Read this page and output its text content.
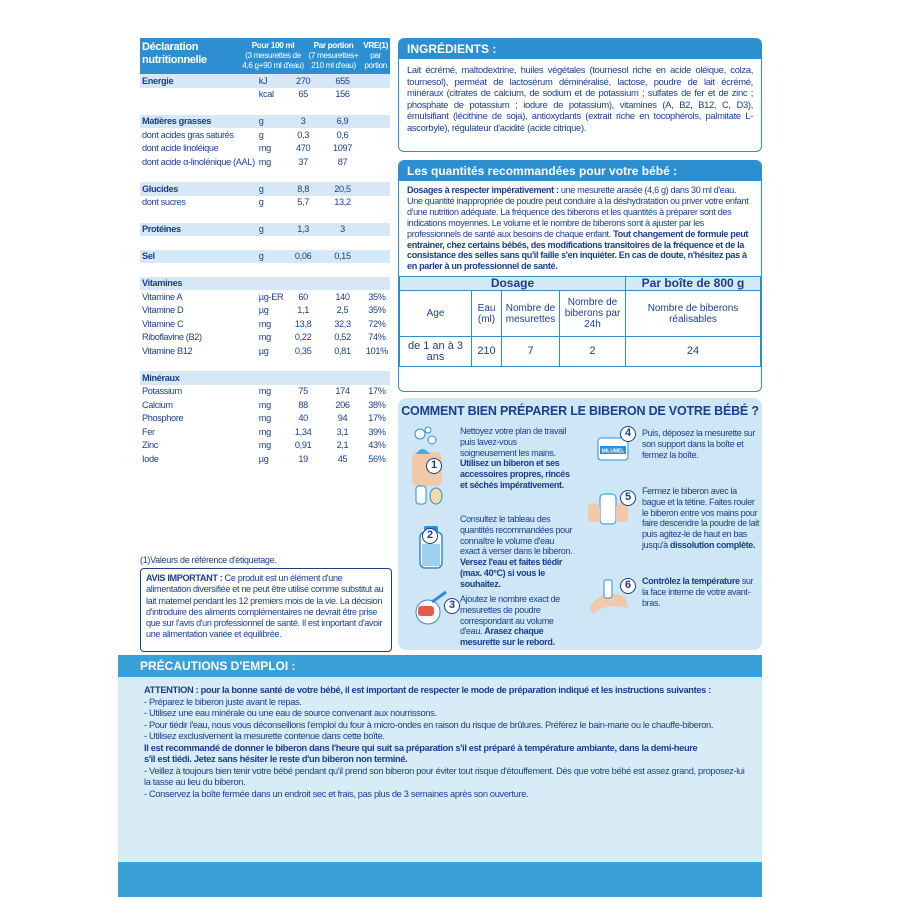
Déclaration
nutritionnelle	Pour 100 ml
(3 mesurettes de
4,6 g+90 ml d'eau)	Par portion
(7 mesurettes+
210 ml d'eau)	VRE(1)
par
portion
Energie	kJ	270	655	
	kcal	65	156	

Matières grasses	g	3	6,9	
dont acides gras saturés	g	0,3	0,6	
dont acide linoléique	mg	470	1097	
dont acide α-linolénique (AAL)	mg	37	87	

Glucides	g	8,8	20,5	
dont sucres	g	5,7	13,2	

Protéines	g	1,3	3	

Sel	g	0,06	0,15	

Vitamines				
Vitamine A	µg-ER	60	140	35%
Vitamine D	µg	1,1	2,5	35%
Vitamine C	mg	13,8	32,3	72%
Riboflavine (B2)	mg	0,22	0,52	74%
Vitamine B12	µg	0,35	0,81	101%

Minéraux				
Potassium	mg	75	174	17%
Calcium	mg	88	206	38%
Phosphore	mg	40	94	17%
Fer	mg	1,34	3,1	39%
Zinc	mg	0,91	2,1	43%
Iode	µg	19	45	56%
(1)Valeurs de référence d'étiquetage.
AVIS IMPORTANT : Ce produit est un élément d'une alimentation diversifiée et ne peut être utilisé comme substitut au lait maternel pendant les 12 premiers mois de la vie. La décision d'introduire des aliments complémentaires ne devrait être prise que sur l'avis d'un professionnel de santé. Il est important d'avoir une alimentation variée et équilibrée.
INGRÉDIENTS :
Lait écrémé, maltodextrine, huiles végétales (tournesol riche en acide oléique, colza, tournesol), perméat de lactosérum déminéralisé, lactose, poudre de lait écrémé, minéraux (citrates de calcium, de sodium et de potassium ; sulfates de fer et de zinc ; phosphate de potassium ; iodure de potassium), vitamines (A, B2, B12, C, D3), émulsifiant (lécithine de soja), antioxydants (extrait riche en tocophérols, palmitate L-ascorbyle), régulateur d'acidité (acide citrique).
Les quantités recommandées pour votre bébé :
Dosages à respecter impérativement : une mesurette arasée (4,6 g) dans 30 ml d'eau. Une quantité inappropriée de poudre peut conduire à la déshydratation ou priver votre enfant d'une nutrition adéquate. La fréquence des biberons et les quantités à préparer sont des indications moyennes. Le volume et le nombre de biberons sont à ajuster par les professionnels de santé aux besoins de chaque enfant. Tout changement de formule peut entrainer, chez certains bébés, des modifications transitoires de la fréquence et de la consistance des selles sans qu'il faille s'en inquiéter. En cas de doute, n'hésitez pas à en parler à un professionnel de santé.
Dosage				Par boîte de 800 g
Age	Eau (ml)	Nombre de mesurettes	Nombre de biberons par 24h	Nombre de biberons réalisables
de 1 an à 3 ans	210	7	2	24
COMMENT BIEN PRÉPARER LE BIBERON DE VOTRE BÉBÉ ?
1
Nettoyez votre plan de travail puis lavez-vous soigneusement les mains. Utilisez un biberon et ses accessoires propres, rincés et séchés impérativement.
2
Consultez le tableau des quantités recommandées pour connaître le volume d'eau exact à verser dans le biberon. Versez l'eau et faites tiédir (max. 40°C) si vous le souhaitez.
3 Ajoutez le nombre exact de mesurettes de poudre correspondant au volume d'eau. Arasez chaque mesurette sur le rebord.
MILUMEL
4	Puis, déposez la mesurette sur son support dans la boîte et fermez la boîte.
5	Fermez le biberon avec la bague et la tétine. Faites rouler le biberon entre vos mains pour faire descendre la poudre de lait puis agitez-le de haut en bas jusqu'à dissolution complète.
6	Contrôlez la température sur la face interne de votre avant-bras.
PRÉCAUTIONS D'EMPLOI :
ATTENTION : pour la bonne santé de votre bébé, il est important de respecter le mode de préparation indiqué et les instructions suivantes :
- Préparez le biberon juste avant le repas.
- Utilisez une eau minérale ou une eau de source convenant aux nourrissons.
- Pour tiédir l'eau, nous vous déconseillons l'emploi du four à micro-ondes en raison du risque de brûlures. Préférez le bain-marie ou le chauffe-biberon.
- Utilisez exclusivement la mesurette contenue dans cette boîte.
Il est recommandé de donner le biberon dans l'heure qui suit sa préparation s'il est préparé à température ambiante, dans la demi-heure
s'il est tiédi. Jetez sans hésiter le reste d'un biberon non terminé.
- Veillez à toujours bien tenir votre bébé pendant qu'il prend son biberon pour éviter tout risque d'étouffement. Dès que votre bébé est assez grand, proposez-lui
la tasse au lieu du biberon.
- Conservez la boîte fermée dans un endroit sec et frais, pas plus de 3 semaines après son ouverture.
